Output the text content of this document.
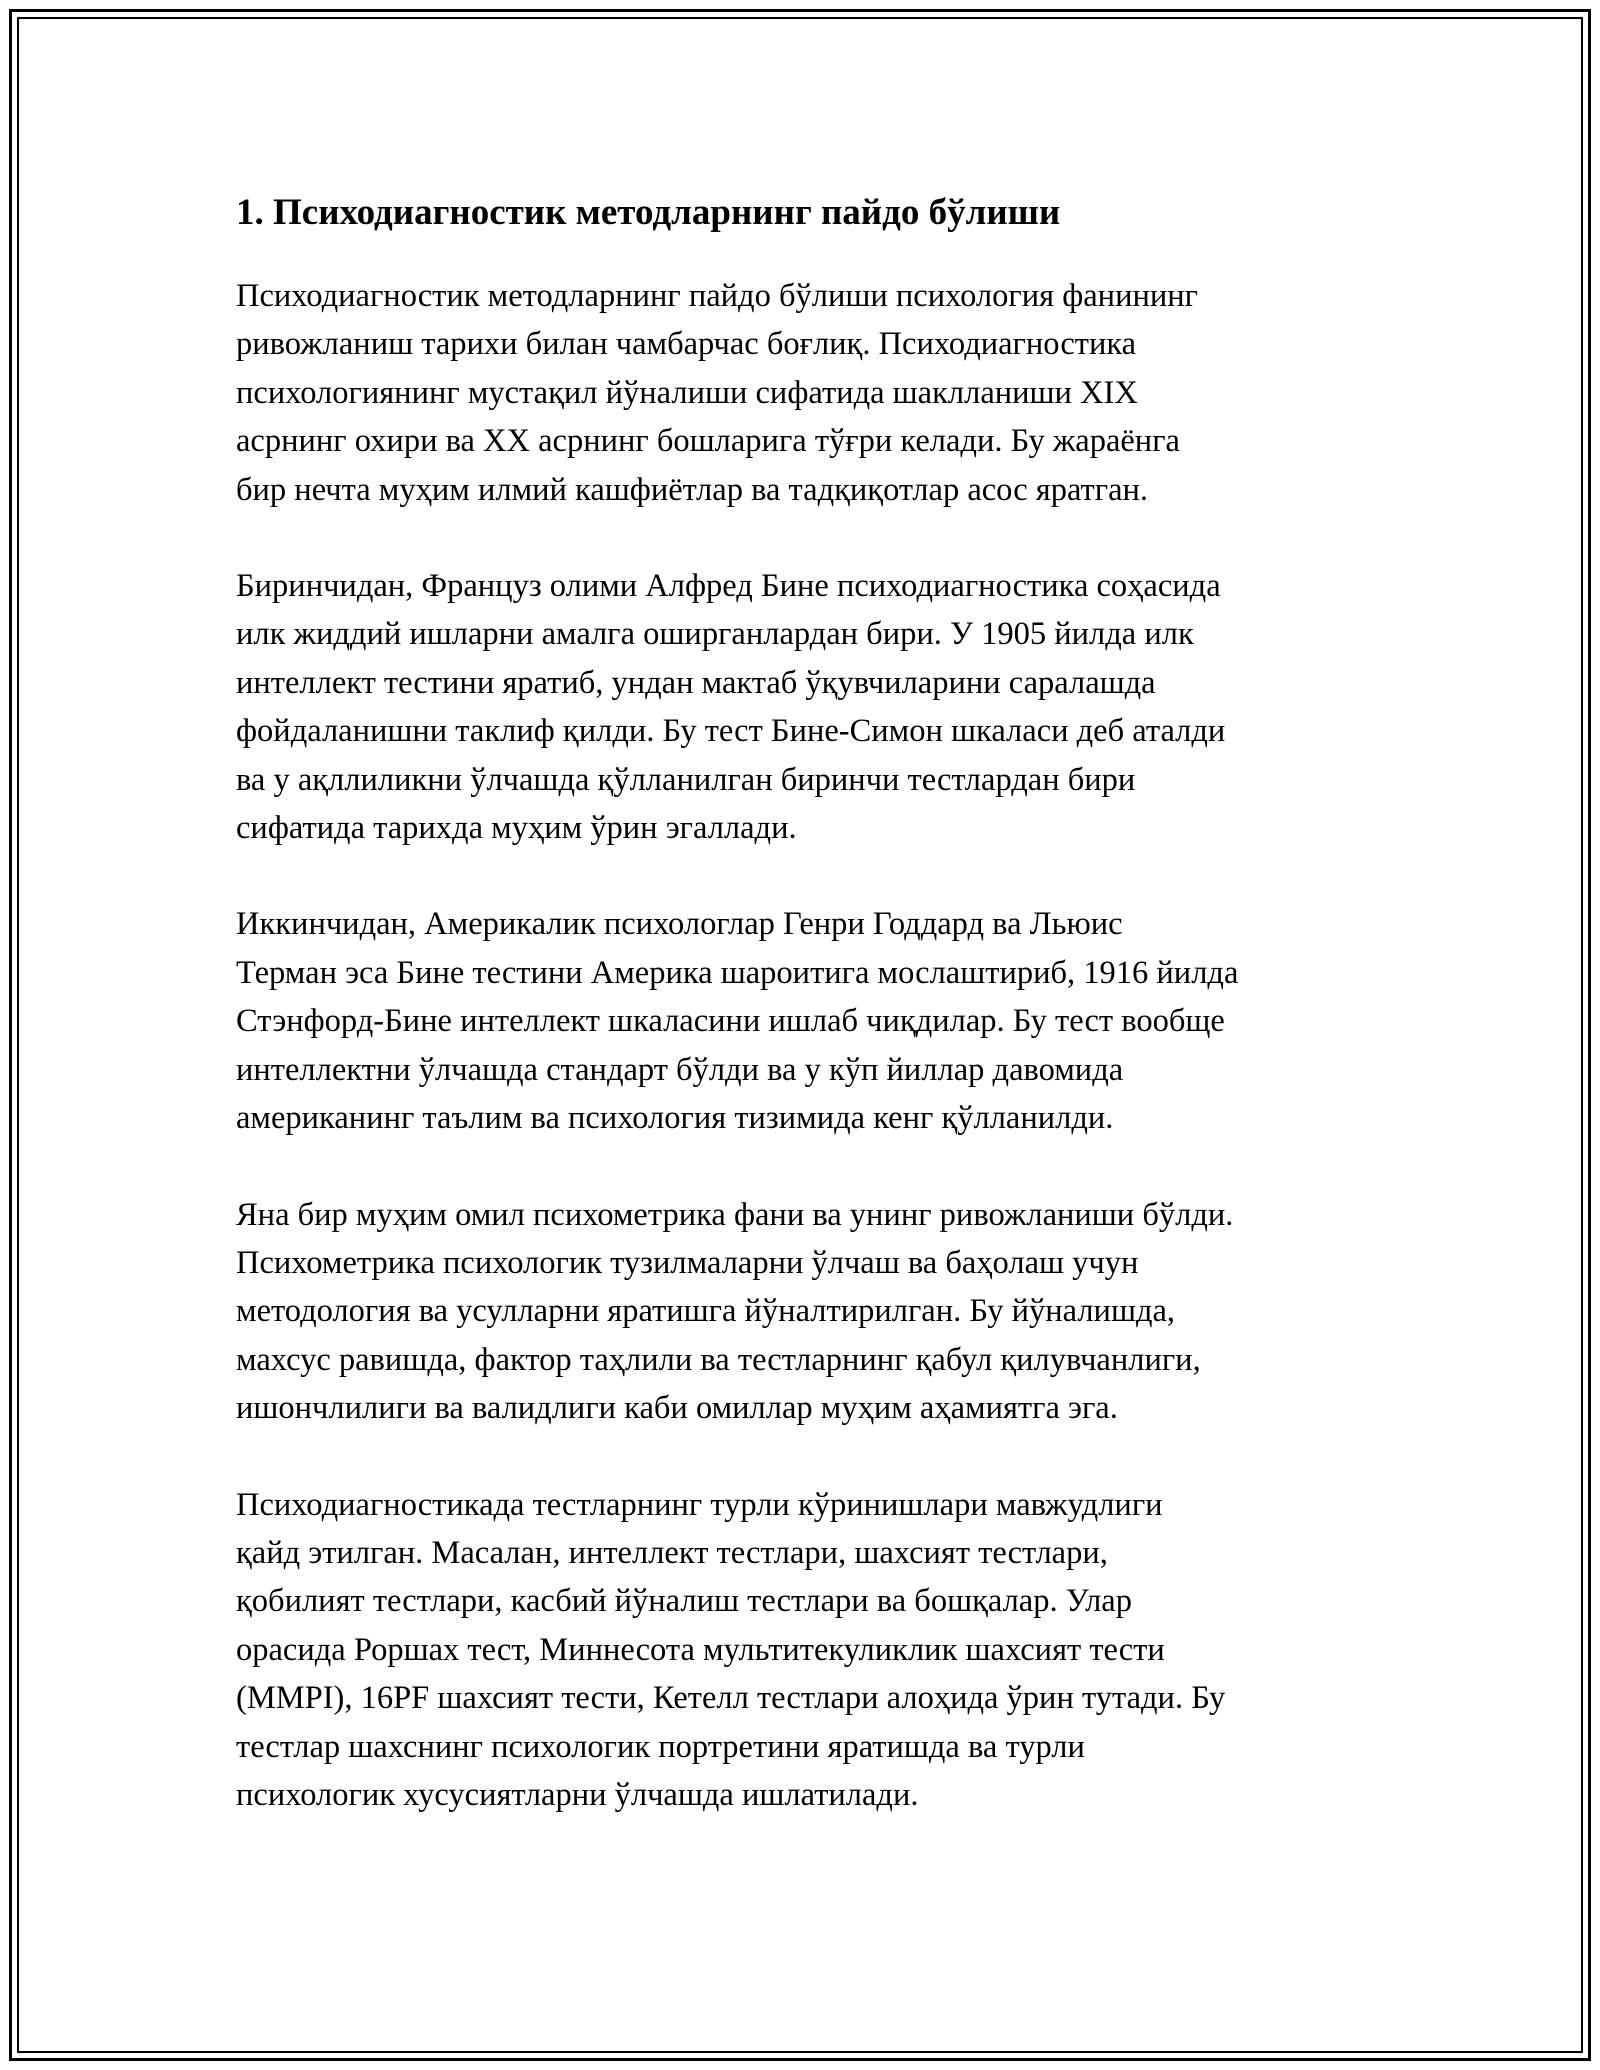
1. Психодиагностик методларнинг пайдо бўлиши

Психодиагностик методларнинг пайдо бўлиши психология фанининг
ривожланиш тарихи билан чамбарчас боғлиқ. Психодиагностика
психологиянинг мустақил йўналиши сифатида шаклланиши XIX
асрнинг охири ва XX асрнинг бошларига тўғри келади. Бу жараёнга
бир нечта муҳим илмий кашфиётлар ва тадқиқотлар асос яратган.

Биринчидан, Француз олими Алфред Бине психодиагностика соҳасида
илк жиддий ишларни амалга оширганлардан бири. У 1905 йилда илк
интеллект тестини яратиб, ундан мактаб ўқувчиларини саралашда
фойдаланишни таклиф қилди. Бу тест Бине-Симон шкаласи деб аталди
ва у ақллиликни ўлчашда қўлланилган биринчи тестлардан бири
сифатида тарихда муҳим ўрин эгаллади.

Иккинчидан, Америкалик психологлар Генри Годдард ва Льюис
Терман эса Бине тестини Америка шароитига мослаштириб, 1916 йилда
Стэнфорд-Бине интеллект шкаласини ишлаб чиқдилар. Бу тест вообще
интеллектни ўлчашда стандарт бўлди ва у кўп йиллар давомида
американинг таълим ва психология тизимида кенг қўлланилди.

Яна бир муҳим омил психометрика фани ва унинг ривожланиши бўлди.
Психометрика психологик тузилмаларни ўлчаш ва баҳолаш учун
методология ва усулларни яратишга йўналтирилган. Бу йўналишда,
махсус равишда, фактор таҳлили ва тестларнинг қабул қилувчанлиги,
ишончлилиги ва валидлиги каби омиллар муҳим аҳамиятга эга.

Психодиагностикада тестларнинг турли кўринишлари мавжудлиги
қайд этилган. Масалан, интеллект тестлари, шахсият тестлари,
қобилият тестлари, касбий йўналиш тестлари ва бошқалар. Улар
орасида Роршах тест, Миннесота мультитекуликлик шахсият тести
(MMPI), 16PF шахсият тести, Кетелл тестлари алоҳида ўрин тутади. Бу
тестлар шахснинг психологик портретини яратишда ва турли
психологик хусусиятларни ўлчашда ишлатилади.
